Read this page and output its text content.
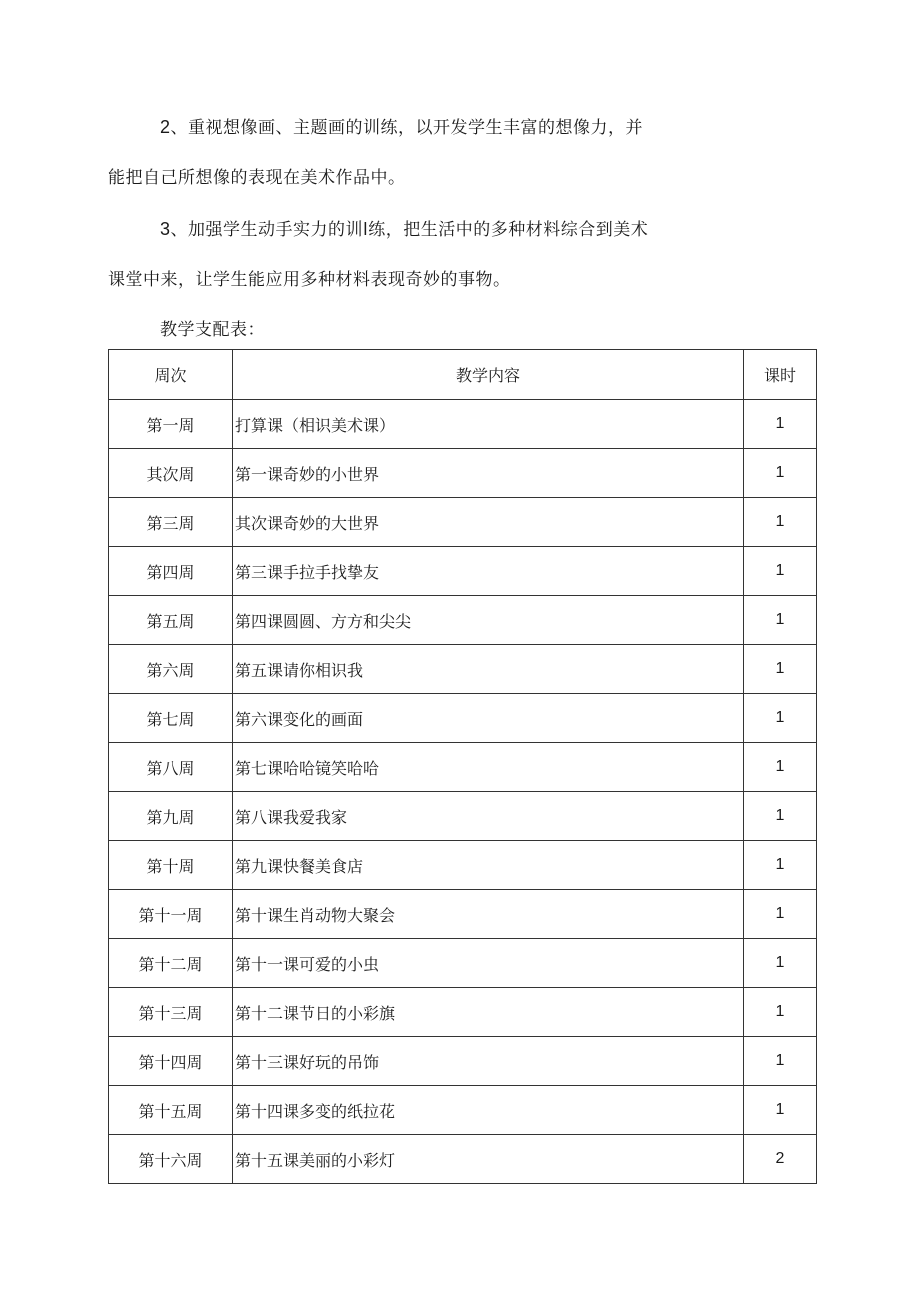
2、重视想像画、主题画的训练，以开发学生丰富的想像力，并
能把自己所想像的表现在美术作品中。
3、加强学生动手实力的训l练，把生活中的多种材料综合到美术
课堂中来，让学生能应用多种材料表现奇妙的事物。
教学支配表：
周次	教学内容	课时
第一周	打算课（相识美术课）	1
其次周	第一课奇妙的小世界	1
第三周	其次课奇妙的大世界	1
第四周	第三课手拉手找挚友	1
第五周	第四课圆圆、方方和尖尖	1
第六周	第五课请你相识我	1
第七周	第六课变化的画面	1
第八周	第七课哈哈镜笑哈哈	1
第九周	第八课我爱我家	1
第十周	第九课快餐美食店	1
第十一周	第十课生肖动物大聚会	1
第十二周	第十一课可爱的小虫	1
第十三周	第十二课节日的小彩旗	1
第十四周	第十三课好玩的吊饰	1
第十五周	第十四课多变的纸拉花	1
第十六周	第十五课美丽的小彩灯	2
